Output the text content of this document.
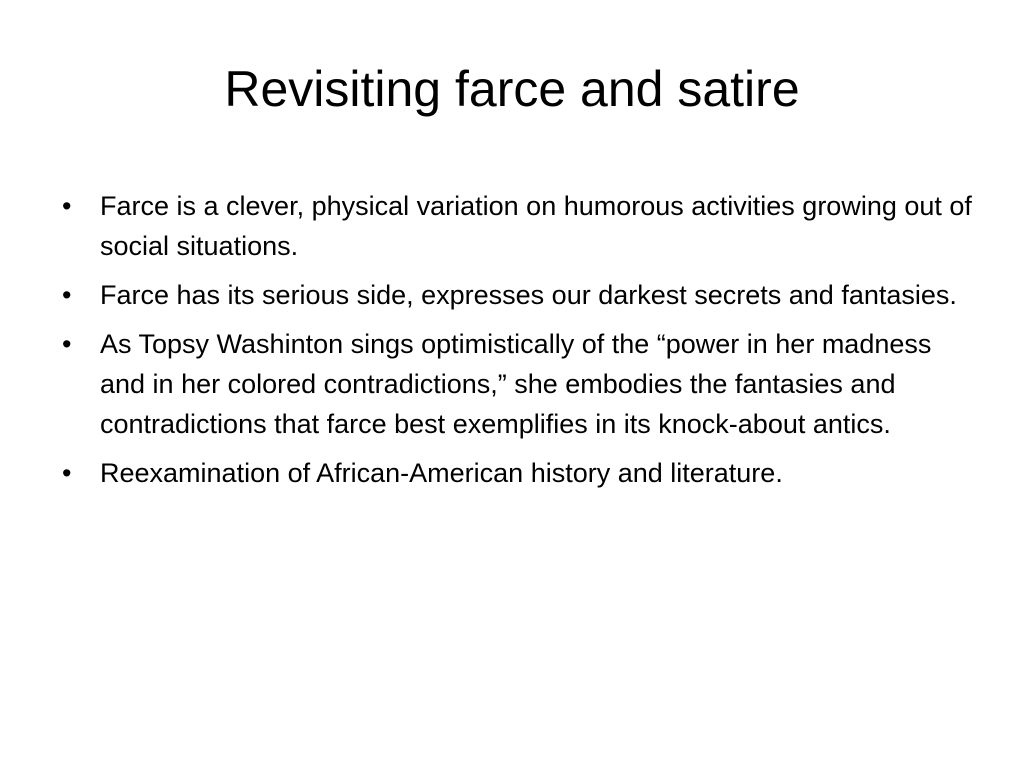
Revisiting farce and satire
•	Farce is a clever, physical variation on humorous activities growing out of social situations.
•	Farce has its serious side, expresses our darkest secrets and fantasies.
•	As Topsy Washinton sings optimistically of the “power in her madness and in her colored contradictions,” she embodies the fantasies and contradictions that farce best exemplifies in its knock-about antics.
•	Reexamination of African-American history and literature.
